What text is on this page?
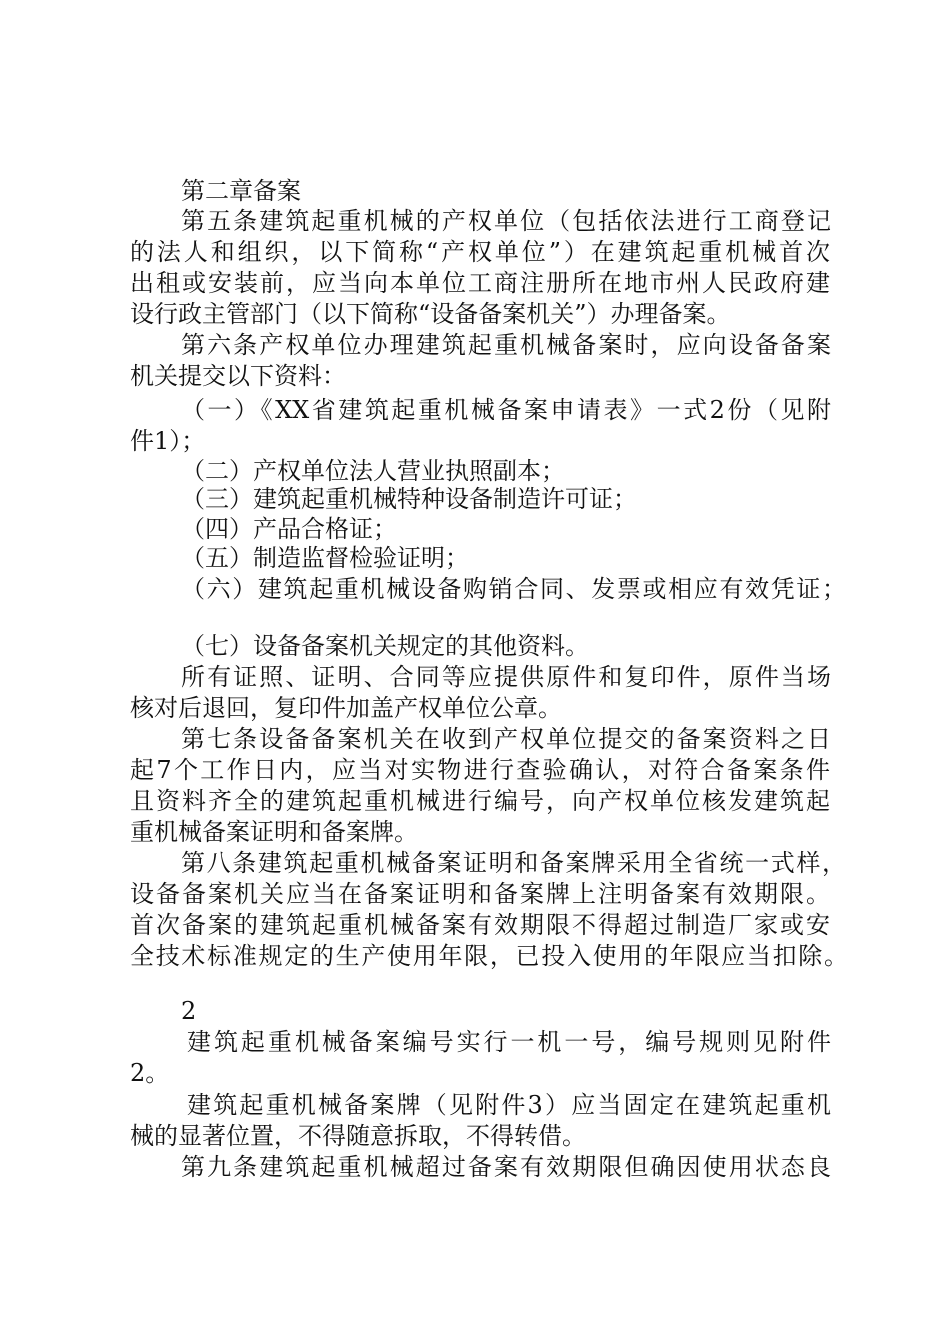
第二章备案
第五条建筑起重机械的产权单位（包括依法进行工商登记
的法人和组织，以下简称“产权单位”）在建筑起重机械首次
出租或安装前，应当向本单位工商注册所在地市州人民政府建
设行政主管部门（以下简称“设备备案机关”）办理备案。
第六条产权单位办理建筑起重机械备案时，应向设备备案
机关提交以下资料：
（一）《XX省建筑起重机械备案申请表》一式2份（见附
件1）；
（二）产权单位法人营业执照副本；
（三）建筑起重机械特种设备制造许可证；
（四）产品合格证；
（五）制造监督检验证明；
（六）建筑起重机械设备购销合同、发票或相应有效凭证；
（七）设备备案机关规定的其他资料。
所有证照、证明、合同等应提供原件和复印件，原件当场
核对后退回，复印件加盖产权单位公章。
第七条设备备案机关在收到产权单位提交的备案资料之日
起7个工作日内，应当对实物进行查验确认，对符合备案条件
且资料齐全的建筑起重机械进行编号，向产权单位核发建筑起
重机械备案证明和备案牌。
第八条建筑起重机械备案证明和备案牌采用全省统一式样，
设备备案机关应当在备案证明和备案牌上注明备案有效期限。
首次备案的建筑起重机械备案有效期限不得超过制造厂家或安
全技术标准规定的生产使用年限，已投入使用的年限应当扣除。
2
建筑起重机械备案编号实行一机一号，编号规则见附件
2。
建筑起重机械备案牌（见附件3）应当固定在建筑起重机
械的显著位置，不得随意拆取，不得转借。
第九条建筑起重机械超过备案有效期限但确因使用状态良
